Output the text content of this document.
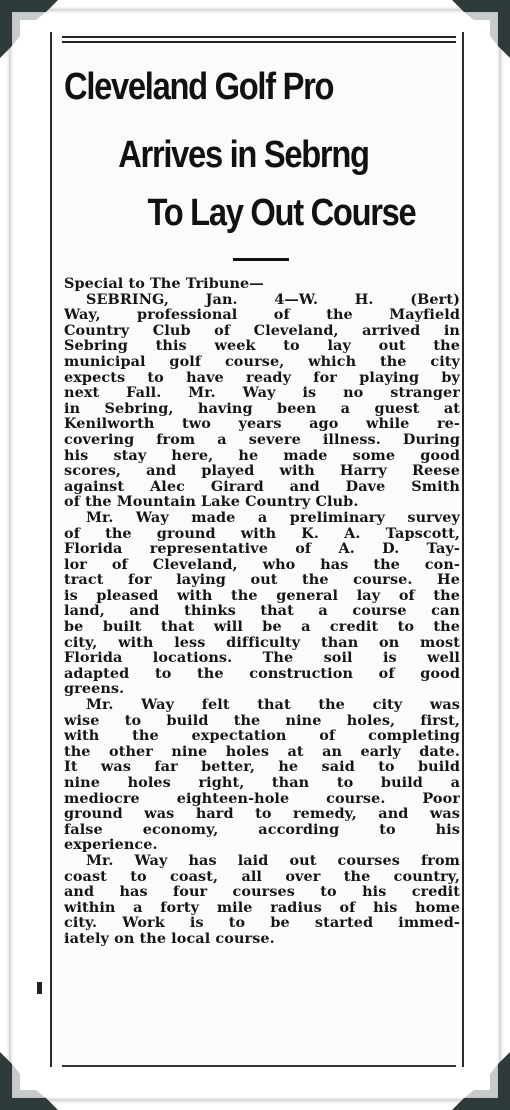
Cleveland Golf Pro
Arrives in Sebrng
To Lay Out Course
Special to The Tribune—
SEBRING, Jan. 4—W. H. (Bert)
Way, professional of the Mayfield
Country Club of Cleveland, arrived in
Sebring this week to lay out the
municipal golf course, which the city
expects to have ready for playing by
next Fall. Mr. Way is no stranger
in Sebring, having been a guest at
Kenilworth two years ago while re-
covering from a severe illness. During
his stay here, he made some good
scores, and played with Harry Reese
against Alec Girard and Dave Smith
of the Mountain Lake Country Club.
Mr. Way made a preliminary survey
of the ground with K. A. Tapscott,
Florida representative of A. D. Tay-
lor of Cleveland, who has the con-
tract for laying out the course. He
is pleased with the general lay of the
land, and thinks that a course can
be built that will be a credit to the
city, with less difficulty than on most
Florida locations. The soil is well
adapted to the construction of good
greens.
Mr. Way felt that the city was
wise to build the nine holes, first,
with the expectation of completing
the other nine holes at an early date.
It was far better, he said to build
nine holes right, than to build a
mediocre eighteen-hole course. Poor
ground was hard to remedy, and was
false economy, according to his
experience.
Mr. Way has laid out courses from
coast to coast, all over the country,
and has four courses to his credit
within a forty mile radius of his home
city. Work is to be started immed-
iately on the local course.
